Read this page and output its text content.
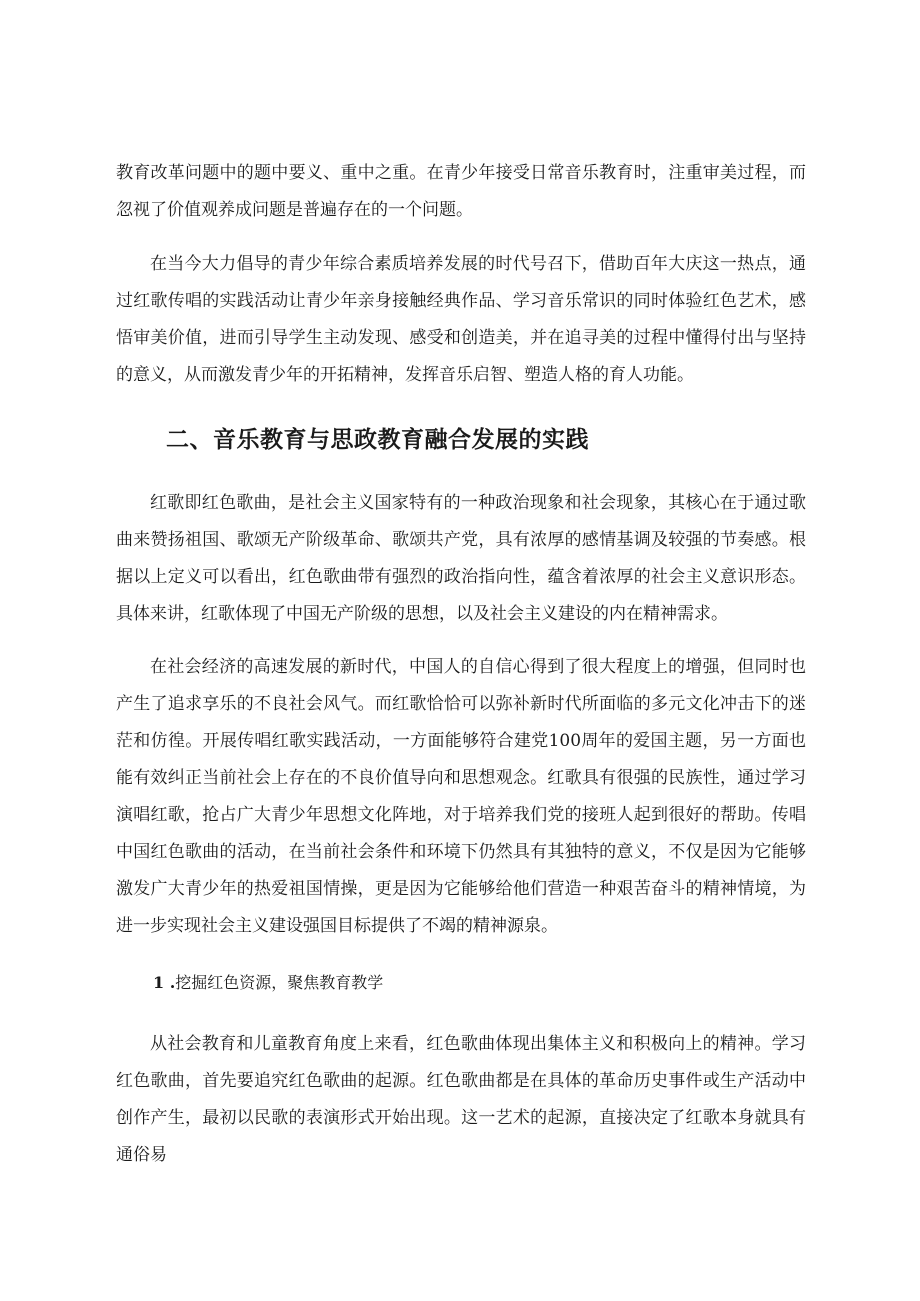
教育改革问题中的题中要义、重中之重。在青少年接受日常音乐教育时，注重审美过程，而忽视了价值观养成问题是普遍存在的一个问题。

在当今大力倡导的青少年综合素质培养发展的时代号召下，借助百年大庆这一热点，通过红歌传唱的实践活动让青少年亲身接触经典作品、学习音乐常识的同时体验红色艺术，感悟审美价值，进而引导学生主动发现、感受和创造美，并在追寻美的过程中懂得付出与坚持的意义，从而激发青少年的开拓精神，发挥音乐启智、塑造人格的育人功能。

二、音乐教育与思政教育融合发展的实践

红歌即红色歌曲，是社会主义国家特有的一种政治现象和社会现象，其核心在于通过歌曲来赞扬祖国、歌颂无产阶级革命、歌颂共产党，具有浓厚的感情基调及较强的节奏感。根据以上定义可以看出，红色歌曲带有强烈的政治指向性，蕴含着浓厚的社会主义意识形态。具体来讲，红歌体现了中国无产阶级的思想，以及社会主义建设的内在精神需求。

在社会经济的高速发展的新时代，中国人的自信心得到了很大程度上的增强，但同时也产生了追求享乐的不良社会风气。而红歌恰恰可以弥补新时代所面临的多元文化冲击下的迷茫和仿徨。开展传唱红歌实践活动，一方面能够符合建党100周年的爱国主题，另一方面也能有效纠正当前社会上存在的不良价值导向和思想观念。红歌具有很强的民族性，通过学习演唱红歌，抢占广大青少年思想文化阵地，对于培养我们党的接班人起到很好的帮助。传唱中国红色歌曲的活动，在当前社会条件和环境下仍然具有其独特的意义，不仅是因为它能够激发广大青少年的热爱祖国情操，更是因为它能够给他们营造一种艰苦奋斗的精神情境，为进一步实现社会主义建设强国目标提供了不竭的精神源泉。

1 .挖掘红色资源，聚焦教育教学

从社会教育和儿童教育角度上来看，红色歌曲体现出集体主义和积极向上的精神。学习红色歌曲，首先要追究红色歌曲的起源。红色歌曲都是在具体的革命历史事件或生产活动中创作产生，最初以民歌的表演形式开始出现。这一艺术的起源，直接决定了红歌本身就具有通俗易
